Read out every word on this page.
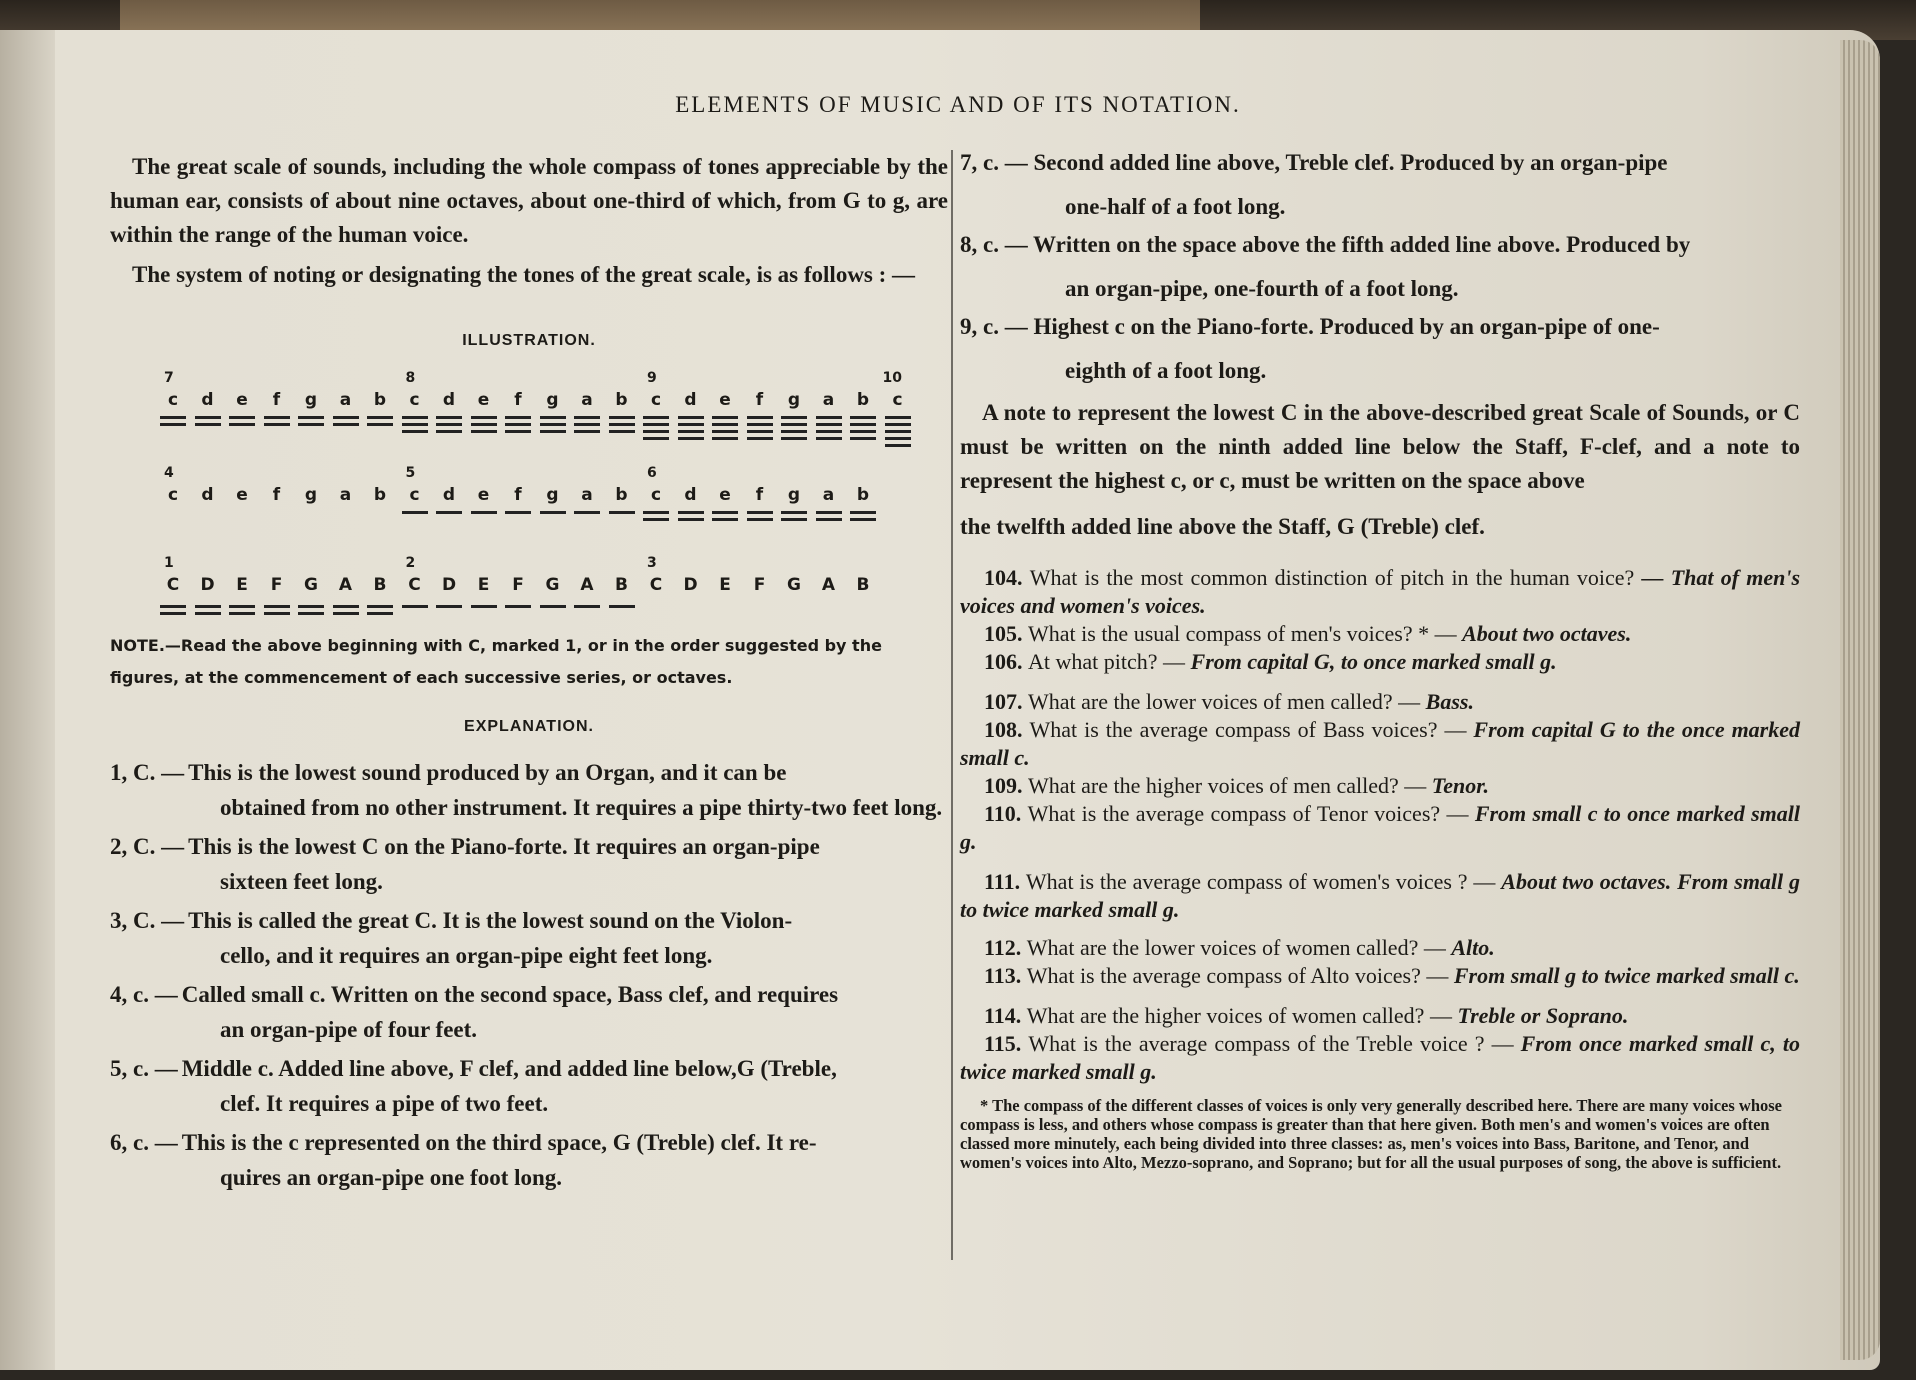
ELEMENTS OF MUSIC AND OF ITS NOTATION.

The great scale of sounds, including the whole compass of tones appreciable by the human ear, consists of about nine octaves, about one-third of which, from G to g, are within the range of the human voice.

The system of noting or designating the tones of the great scale, is as follows : —

ILLUSTRATION.

7	8	9	10
c	d	e	f	g	a	b	c	d	e	f	g	a	b	c	d	e	f	g	a	b	c
4	5	6
c	d	e	f	g	a	b	c	d	e	f	g	a	b	c	d	e	f	g	a	b
1	2	3
C D	E	F	G A B C D	E	F	G A B C D	E	F	G A B

NOTE.—Read the above beginning with C, marked 1, or in the order suggested by the figures, at the commencement of each successive series, or octaves.

EXPLANATION.

1, C. — This is the lowest sound produced by an Organ, and it can be
obtained from no other instrument. It requires a pipe thirty-two feet long.
2, C. — This is the lowest C on the Piano-forte. It requires an organ-pipe
sixteen feet long.
3, C. — This is called the great C. It is the lowest sound on the Violon-
cello, and it requires an organ-pipe eight feet long.
4, c. — Called small c. Written on the second space, Bass clef, and requires
an organ-pipe of four feet.
5, c. — Middle c. Added line above, F clef, and added line below,G (Treble,
clef. It requires a pipe of two feet.
6, c. — This is the c represented on the third space, G (Treble) clef. It re-
quires an organ-pipe one foot long.
7, c. — Second added line above, Treble clef. Produced by an organ-pipe
one-half of a foot long.
8, c. — Written on the space above the fifth added line above. Produced by
an organ-pipe, one-fourth of a foot long.
9, c. — Highest c on the Piano-forte. Produced by an organ-pipe of one-
eighth of a foot long.

A note to represent the lowest C in the above-described great Scale of Sounds, or C must be written on the ninth added line below the Staff, F-clef, and a note to represent the highest c, or c, must be written on the space above

the twelfth added line above the Staff, G (Treble) clef.

104. What is the most common distinction of pitch in the human voice? — That of men's voices and women's voices.

105. What is the usual compass of men's voices? * — About two octaves.

106. At what pitch? — From capital G, to once marked small g.

107. What are the lower voices of men called? — Bass.

108. What is the average compass of Bass voices? — From capital G to the once marked small c.

109. What are the higher voices of men called? — Tenor.

110. What is the average compass of Tenor voices? — From small c to once marked small g.

111. What is the average compass of women's voices ? — About two octaves. From small g to twice marked small g.

112. What are the lower voices of women called? — Alto.

113. What is the average compass of Alto voices? — From small g to twice marked small c.

114. What are the higher voices of women called? — Treble or Soprano.

115. What is the average compass of the Treble voice ? — From once marked small c, to twice marked small g.

* The compass of the different classes of voices is only very generally described here. There are many voices whose compass is less, and others whose compass is greater than that here given. Both men's and women's voices are often classed more minutely, each being divided into three classes: as, men's voices into Bass, Baritone, and Tenor, and women's voices into Alto, Mezzo-soprano, and Soprano; but for all the usual purposes of song, the above is sufficient.
